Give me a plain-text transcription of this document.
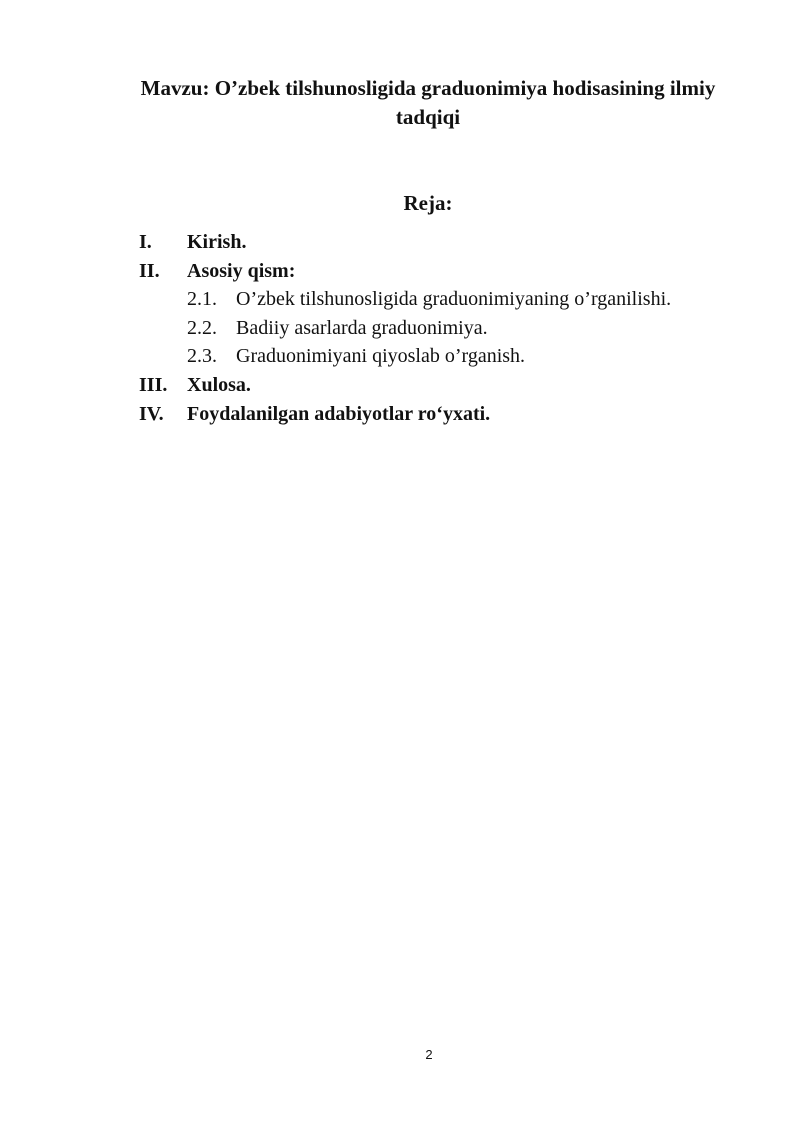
Mavzu: O’zbek tilshunosligida graduonimiya hodisasining ilmiy tadqiqi
Reja:
I. Kirish.
II. Asosiy qism:
2.1. O’zbek tilshunosligida graduonimiyaning o’rganilishi.
2.2. Badiiy asarlarda graduonimiya.
2.3. Graduonimiyani qiyoslab o’rganish.
III. Xulosa.
IV. Foydalanilgan adabiyotlar ro‘yxati.
2
